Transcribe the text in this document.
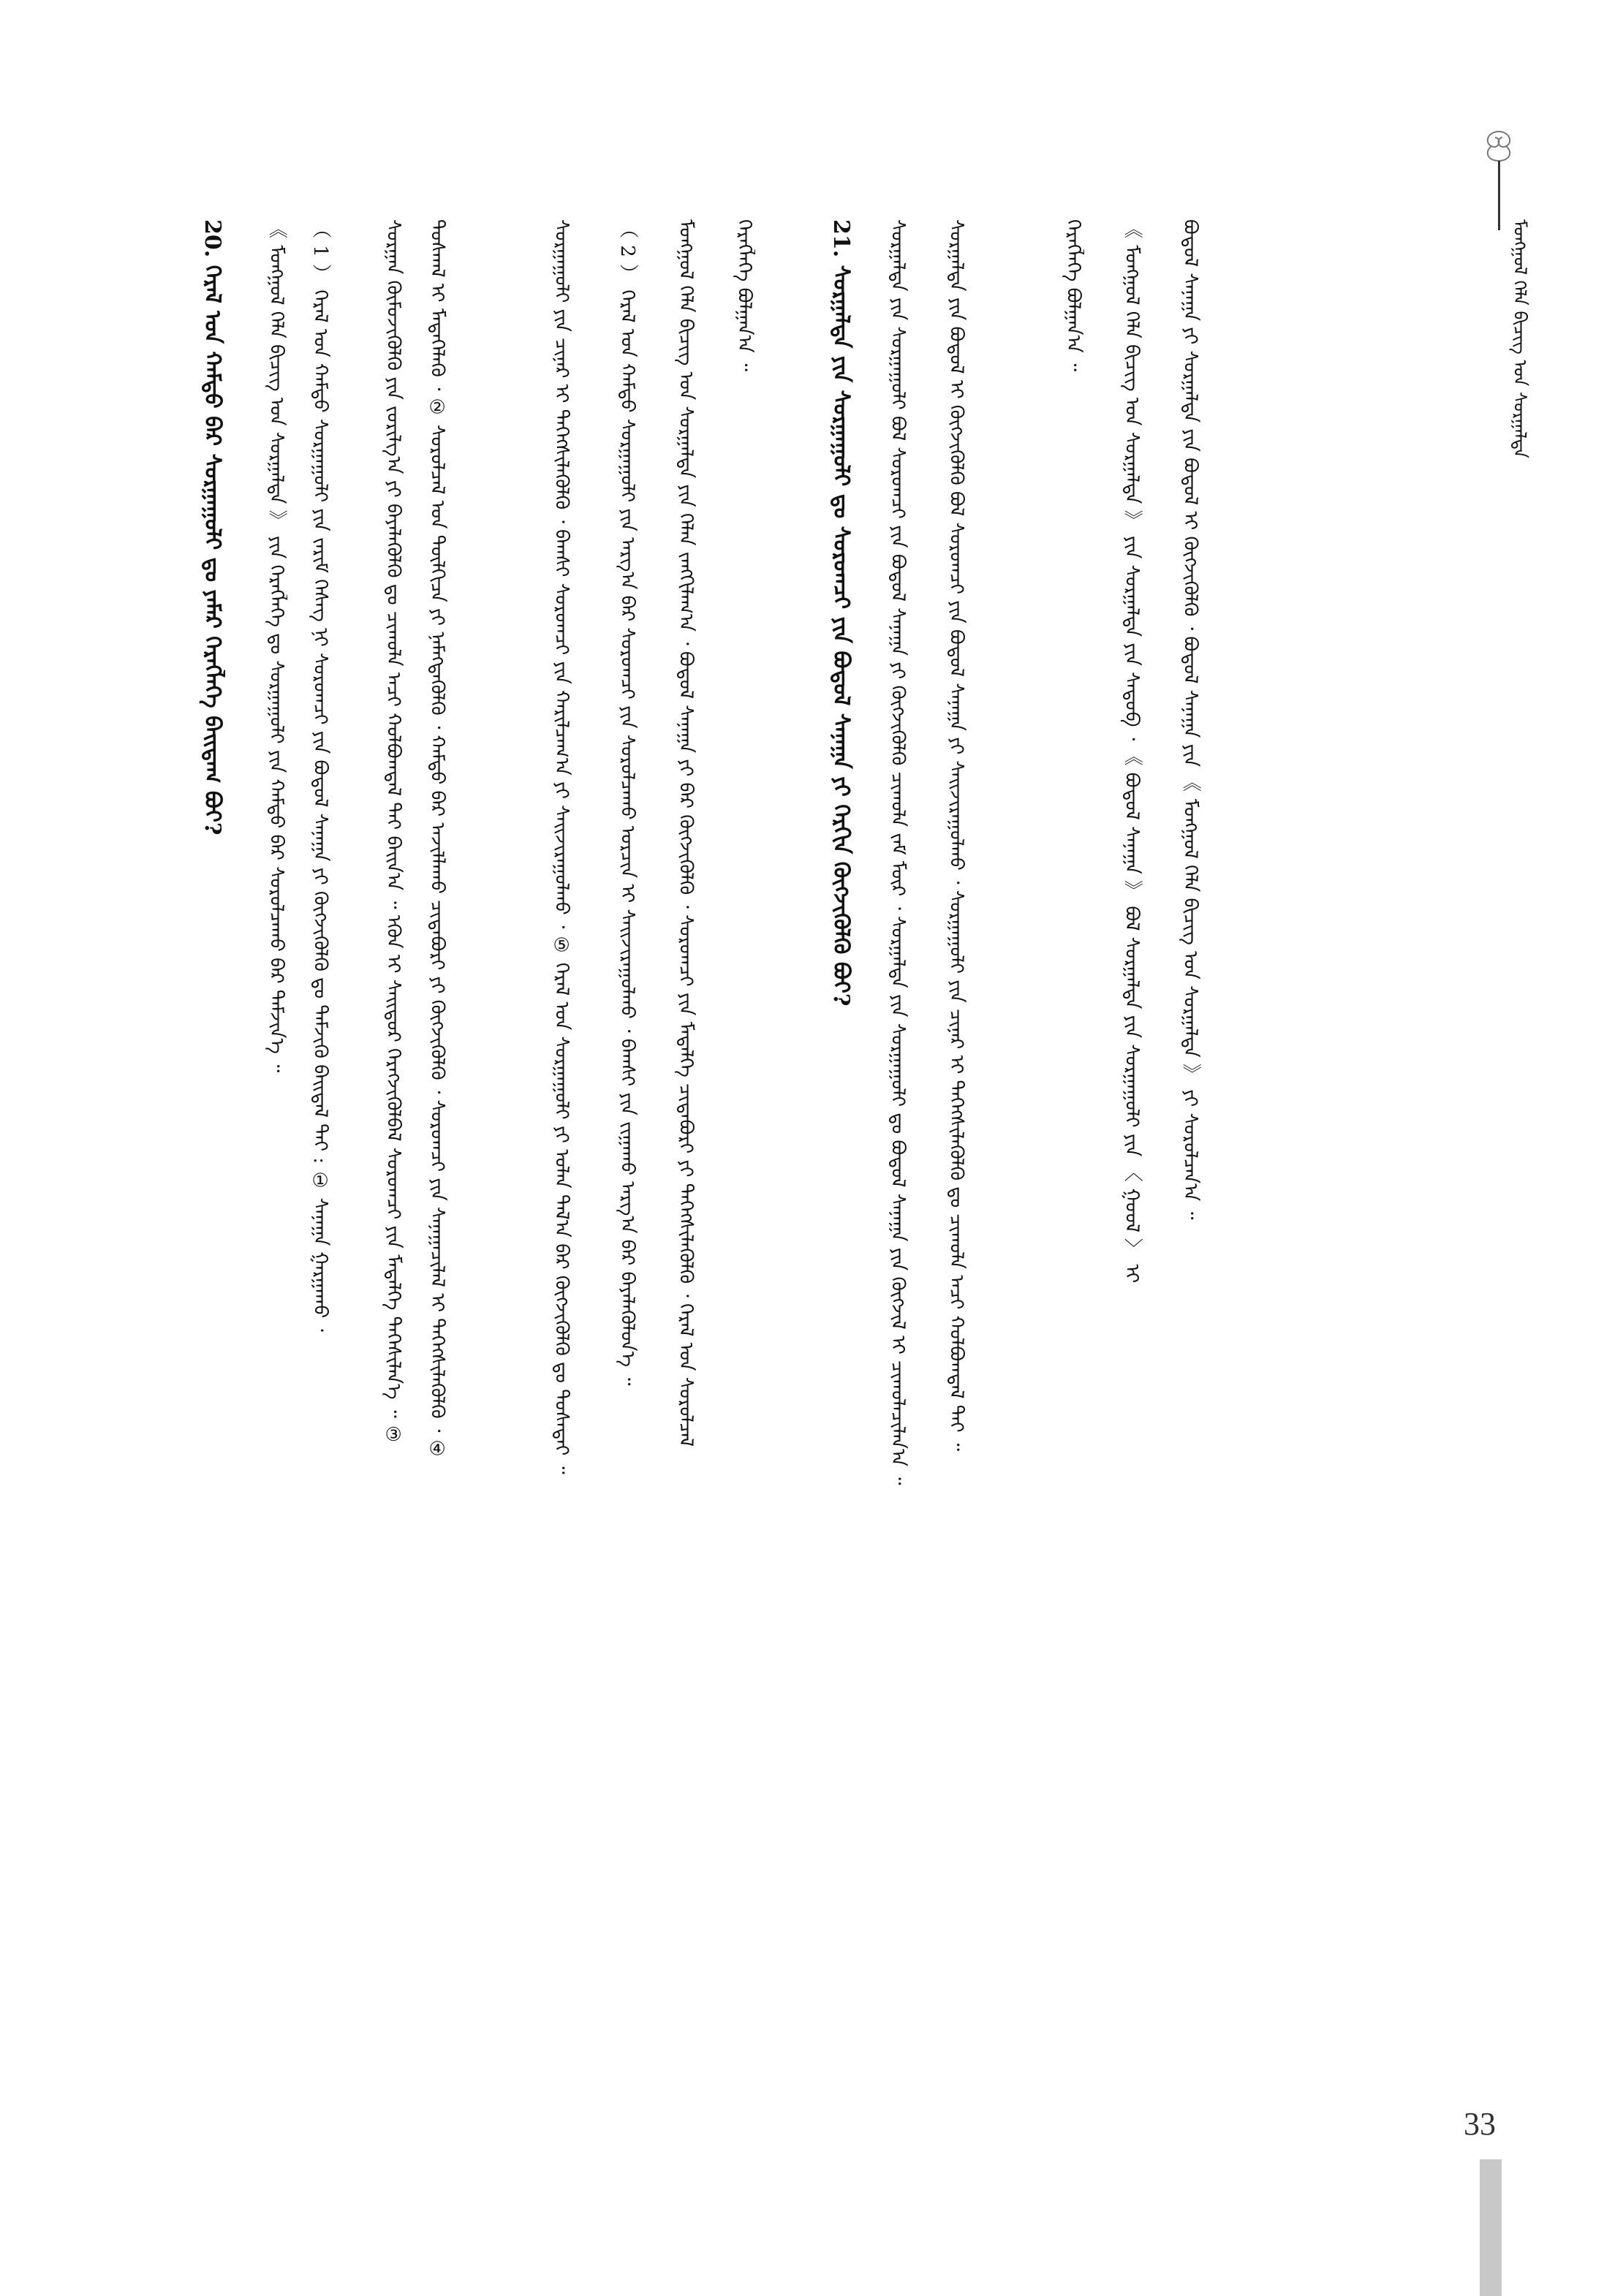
20. ᠭᠡᠷᠡᠯ ᠤᠨ ᠬᠠᠮᠲᠤ ᠪᠡᠷ ᠰᠤᠷᠭᠠᠭᠤᠯᠢ ᠳᠤ ᠶᠠᠮᠠᠷ ᠬᠡᠷᠡᠭᠯᠡᠭᠡ ᠪᠠᠢᠳᠠᠭ ᠪᠤᠢ? 《 ᠮᠣᠩᠭᠣᠯ ᠬᠡᠯᠡ ᠪᠢᠴᠢᠭ᠌ ᠤᠨ ᠰᠤᠷᠭᠠᠯᠲᠠ 》 ᠶᠢᠨ ᠬᠡᠷᠡᠭᠯᠡᠭᠡ ᠳᠤ ᠰᠤᠷᠭᠠᠭᠤᠯᠢ ᠶᠢᠨ ᠬᠠᠮᠲᠤ ᠪᠡᠷ ᠰᠤᠷᠤᠯᠴᠠᠬᠤ ᠪᠠᠷ ᠳᠡᠮᠵᠢᠨ᠎ᠡ ᠃ （ 1 ） ᠭᠡᠷᠡᠯ ᠤᠨ ᠬᠠᠮᠲᠤ ᠰᠤᠷᠭᠠᠭᠤᠯᠢ ᠶᠢᠨ ᠵᠠᠷᠢᠮ ᠬᠡᠰᠡᠭ ᠨᠢ ᠰᠤᠷᠤᠭᠴᠢ ᠶᠢᠨ ᠪᠣᠳᠣᠯ ᠰᠠᠨᠠᠭᠠ ᠶᠢ ᠬᠥᠭᠵᠢᠭᠦᠯᠬᠦ ᠳᠤ ᠳᠡᠮᠵᠢᠬᠦ ᠪᠠᠢᠳᠠᠯ ᠲᠠᠢ : ① ᠰᠠᠨᠠᠭᠠ ᠭᠠᠷᠭᠠᠬᠤ ᠂	ᠰᠤᠷᠭᠠᠨ ᠬᠦᠮᠦᠵᠢᠭᠦᠯᠬᠦ ᠶᠢᠨ ᠵᠣᠷᠢᠯᠭ᠎ᠠ ᠶᠢ ᠪᠡᠶᠡᠯᠡᠭᠦᠯᠬᠦ ᠳᠤ ᠴᠢᠬᠤᠯᠠ ᠠᠴᠢ ᠬᠣᠯᠪᠣᠭᠳᠠᠯ ᠲᠠᠢ ᠪᠠᠢᠨ᠎ᠠ ᠃ ᠡᠭᠦᠨ ᠢ ᠰᠠᠢᠲᠤᠷ ᠬᠡᠷᠡᠭᠵᠢᠭᠦᠯᠪᠡᠯ ᠰᠤᠷᠤᠭᠴᠢ ᠶᠢᠨ ᠮᠡᠳᠡᠯᠭᠡ ᠳᠡᠭᠡᠰᠢᠯᠡᠨ᠎ᠡ ᠃ ③ ᠳᠤᠰᠬᠠᠯ ᠢ ᠮᠡᠳᠡᠭᠡᠯᠡᠬᠦ ᠂ ② ᠰᠤᠷᠤᠯᠴᠠᠯ ᠤᠨ ᠲᠦᠯᠬᠢᠴᠡ ᠶᠢ ᠨᠡᠮᠡᠭᠳᠡᠭᠦᠯᠬᠦ ᠂ ᠬᠠᠮᠲᠤ ᠪᠡᠷ ᠠᠵᠢᠯᠯᠠᠬᠤ ᠴᠢᠳᠠᠪᠤᠷᠢ ᠶᠢ ᠬᠥᠭᠵᠢᠭᠦᠯᠬᠦ ᠂ ᠰᠤᠷᠤᠭᠴᠢ ᠶᠢᠨ ᠰᠠᠨᠠᠭᠠᠴᠢᠯᠠᠯ ᠢ ᠳᠡᠭᠡᠭᠰᠢᠯᠡᠭᠦᠯᠬᠦ ᠂ ④	ᠰᠤᠷᠭᠠᠭᠤᠯᠢ ᠶᠢᠨ ᠴᠢᠨᠠᠷ ᠢ ᠳᠡᠭᠡᠭᠰᠢᠯᠡᠭᠦᠯᠬᠦ ᠂ ᠪᠠᠭᠰᠢ ᠰᠤᠷᠤᠭᠴᠢ ᠶᠢᠨ ᠬᠠᠷᠢᠯᠴᠠᠭ᠎ᠠ ᠶᠢ ᠰᠠᠢᠵᠢᠷᠠᠭᠤᠯᠬᠤ ᠂ ⑤ ᠭᠡᠷᠡᠯ ᠤᠨ ᠰᠤᠷᠭᠠᠭᠤᠯᠢ ᠶᠢ ᠣᠯᠠᠨ ᠲᠠᠯ᠎ᠠ ᠪᠠᠷ ᠬᠥᠭᠵᠢᠭᠦᠯᠬᠦ ᠳᠤ ᠲᠤᠰᠠᠲᠠᠢ ᠃ （ 2 ） ᠭᠡᠷᠡᠯ ᠤᠨ ᠬᠠᠮᠲᠤ ᠰᠤᠷᠭᠠᠭᠤᠯᠢ ᠶᠢᠨ ᠠᠷᠭ᠎ᠠ ᠪᠠᠷ ᠰᠤᠷᠤᠭᠴᠢ ᠶᠢᠨ ᠰᠤᠷᠤᠯᠴᠠᠬᠤ ᠣᠷᠴᠢᠨ ᠢ ᠰᠠᠢᠵᠢᠷᠠᠭᠤᠯᠬᠤ ᠂ ᠪᠠᠭᠰᠢ ᠶᠢᠨ ᠵᠢᠭᠠᠬᠤ ᠠᠷᠭ᠎ᠠ ᠪᠠᠷ ᠪᠡᠶᠡᠯᠡᠭᠦᠯᠦᠨ᠎ᠡ ᠃ ᠮᠣᠩᠭᠣᠯ ᠬᠡᠯᠡ ᠪᠢᠴᠢᠭ᠌ ᠤᠨ ᠰᠤᠷᠭᠠᠯᠲᠠ ᠶᠢᠨ ᠬᠡᠯᠡᠨ ᠵᠠᠩᠭᠢᠯᠠᠭ᠎ᠠ ᠂ ᠪᠣᠳᠣᠯ ᠰᠠᠨᠠᠭᠠ ᠶᠢ ᠪᠠᠷ ᠬᠥᠭᠵᠢᠭᠦᠯᠬᠦ ᠂ ᠰᠤᠷᠤᠭᠴᠢ ᠶᠢᠨ ᠮᠡᠳᠡᠯᠭᠡ ᠴᠢᠳᠠᠪᠤᠷᠢ ᠶᠢ ᠳᠡᠭᠡᠭᠰᠢᠯᠡᠭᠦᠯᠬᠦ ᠂ ᠭᠡᠷᠡᠯ ᠤᠨ ᠰᠤᠷᠤᠯᠴᠠᠯ ᠬᠡᠷᠡᠭᠯᠡᠭᠡ ᠪᠣᠯᠭᠠᠨ᠎ᠠ ᠃	21. ᠰᠤᠷᠭᠠᠯᠲᠠ ᠶᠢᠨ ᠰᠤᠷᠭᠠᠭᠤᠯᠢ ᠳᠤ ᠰᠤᠷᠤᠭᠴᠢ ᠶᠢᠨ ᠪᠣᠳᠣᠯ ᠰᠠᠨᠠᠭᠠ ᠶᠢ ᠬᠡᠷᠬᠢᠨ ᠬᠥᠭᠵᠢᠭᠦᠯᠬᠦ ᠪᠤᠢ? ᠰᠤᠷᠭᠠᠯᠲᠠ ᠶᠢᠨ ᠰᠤᠷᠭᠠᠭᠤᠯᠢ ᠪᠣᠯ ᠰᠤᠷᠤᠭᠴᠢ ᠶᠢᠨ ᠪᠣᠳᠣᠯ ᠰᠠᠨᠠᠭᠠ ᠶᠢ ᠬᠥᠭᠵᠢᠭᠦᠯᠬᠦ ᠴᠢᠬᠤᠯᠠ ᠵᠠᠮ ᠮᠥᠷ ᠂ ᠰᠤᠷᠭᠠᠯᠲᠠ ᠶᠢᠨ ᠰᠤᠷᠭᠠᠭᠤᠯᠢ ᠳᠤ ᠪᠣᠳᠣᠯ ᠰᠠᠨᠠᠭᠠ ᠶᠢᠨ ᠬᠥᠭᠵᠢᠯ ᠢ ᠴᠢᠬᠤᠯᠠᠴᠢᠯᠠᠨ᠎ᠠ ᠃ ᠰᠤᠷᠭᠠᠯᠲᠠ ᠶᠢᠨ ᠪᠣᠳᠣᠯ ᠢ ᠬᠥᠭᠵᠢᠭᠦᠯᠬᠦ ᠪᠣᠯ ᠰᠤᠷᠤᠭᠴᠢ ᠶᠢᠨ ᠪᠣᠳᠣᠯ ᠰᠠᠨᠠᠭᠠ ᠶᠢ ᠰᠠᠢᠵᠢᠷᠠᠭᠤᠯᠬᠤ ᠂ ᠰᠤᠷᠭᠠᠭᠤᠯᠢ ᠶᠢᠨ ᠴᠢᠨᠠᠷ ᠢ ᠳᠡᠭᠡᠭᠰᠢᠯᠡᠭᠦᠯᠬᠦ ᠳᠤ ᠴᠢᠬᠤᠯᠠ ᠠᠴᠢ ᠬᠣᠯᠪᠣᠭᠳᠠᠯ ᠲᠠᠢ ᠃	ᠬᠡᠷᠡᠭᠯᠡᠭᠡ ᠪᠣᠯᠭᠠᠨ᠎ᠠ ᠃ 《 ᠮᠣᠩᠭᠣᠯ ᠬᠡᠯᠡ ᠪᠢᠴᠢᠭ᠌ ᠤᠨ ᠰᠤᠷᠭᠠᠯᠲᠠ 》 ᠶᠢᠨ ᠰᠤᠷᠭᠠᠯᠲᠠ ᠶᠢᠨ ᠰᠡᠳᠦᠪ ᠂ 《 ᠪᠣᠳᠣᠯ ᠰᠠᠨᠠᠭᠠ 》 ᠪᠣᠯ ᠰᠤᠷᠭᠠᠯᠲᠠ ᠶᠢᠨ ᠰᠤᠷᠭᠠᠭᠤᠯᠢ ᠶᠢᠨ 〈 ᠭᠣᠣᠯ 〉 ᠢ ᠪᠣᠳᠣᠯ ᠰᠠᠨᠠᠭᠠ ᠶᠢ ᠰᠤᠷᠭᠠᠯᠲᠠ ᠶᠢᠨ ᠪᠣᠳᠣᠯ ᠢ ᠬᠥᠭᠵᠢᠭᠦᠯᠬᠦ ᠂ ᠪᠣᠳᠣᠯ ᠰᠠᠨᠠᠭᠠ ᠶᠢᠨ 《 ᠮᠣᠩᠭᠣᠯ ᠬᠡᠯᠡ ᠪᠢᠴᠢᠭ᠌ ᠤᠨ ᠰᠤᠷᠭᠠᠯᠲᠠ 》 ᠶᠢ ᠰᠤᠷᠤᠯᠴᠠᠨ᠎ᠠ ᠃	ᠮᠣᠩᠭᠣᠯ ᠬᠡᠯᠡ ᠪᠢᠴᠢᠭ᠌ ᠤᠨ ᠰᠤᠷᠭᠠᠯᠲᠠ
33
